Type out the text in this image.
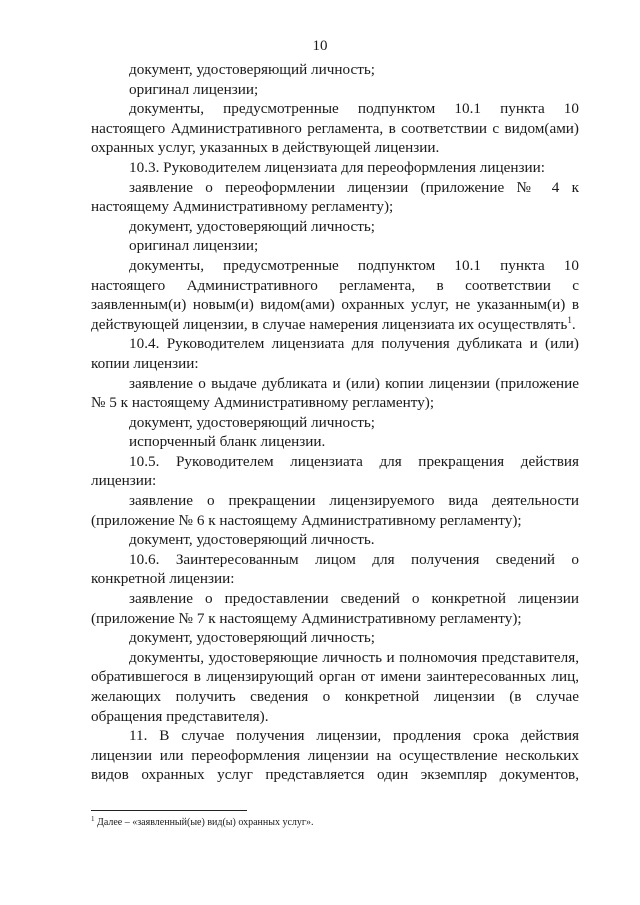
10

документ, удостоверяющий личность;

оригинал лицензии;

документы, предусмотренные подпунктом 10.1 пункта 10 настоящего Административного регламента, в соответствии с видом(ами) охранных услуг, указанных в действующей лицензии.

10.3. Руководителем лицензиата для переоформления лицензии:

заявление о переоформлении лицензии (приложение № 4 к настоящему Административному регламенту);

документ, удостоверяющий личность;

оригинал лицензии;

документы, предусмотренные подпунктом 10.1 пункта 10 настоящего Административного регламента, в соответствии с заявленным(и) новым(и) видом(ами) охранных услуг, не указанным(и) в действующей лицензии, в случае намерения лицензиата их осуществлять$^1$.

10.4. Руководителем лицензиата для получения дубликата и (или) копии лицензии:

заявление о выдаче дубликата и (или) копии лицензии (приложение № 5 к настоящему Административному регламенту);

документ, удостоверяющий личность;

испорченный бланк лицензии.

10.5. Руководителем лицензиата для прекращения действия лицензии:

заявление о прекращении лицензируемого вида деятельности (приложение № 6 к настоящему Административному регламенту);

документ, удостоверяющий личность.

10.6. Заинтересованным лицом для получения сведений о конкретной лицензии:

заявление о предоставлении сведений о конкретной лицензии (приложение № 7 к настоящему Административному регламенту);

документ, удостоверяющий личность;

документы, удостоверяющие личность и полномочия представителя, обратившегося в лицензирующий орган от имени заинтересованных лиц, желающих получить сведения о конкретной лицензии (в случае обращения представителя).

11. В случае получения лицензии, продления срока действия лицензии или переоформления лицензии на осуществление нескольких видов охранных услуг представляется один экземпляр документов,

$^1$ Далее – «заявленный(ые) вид(ы) охранных услуг».
